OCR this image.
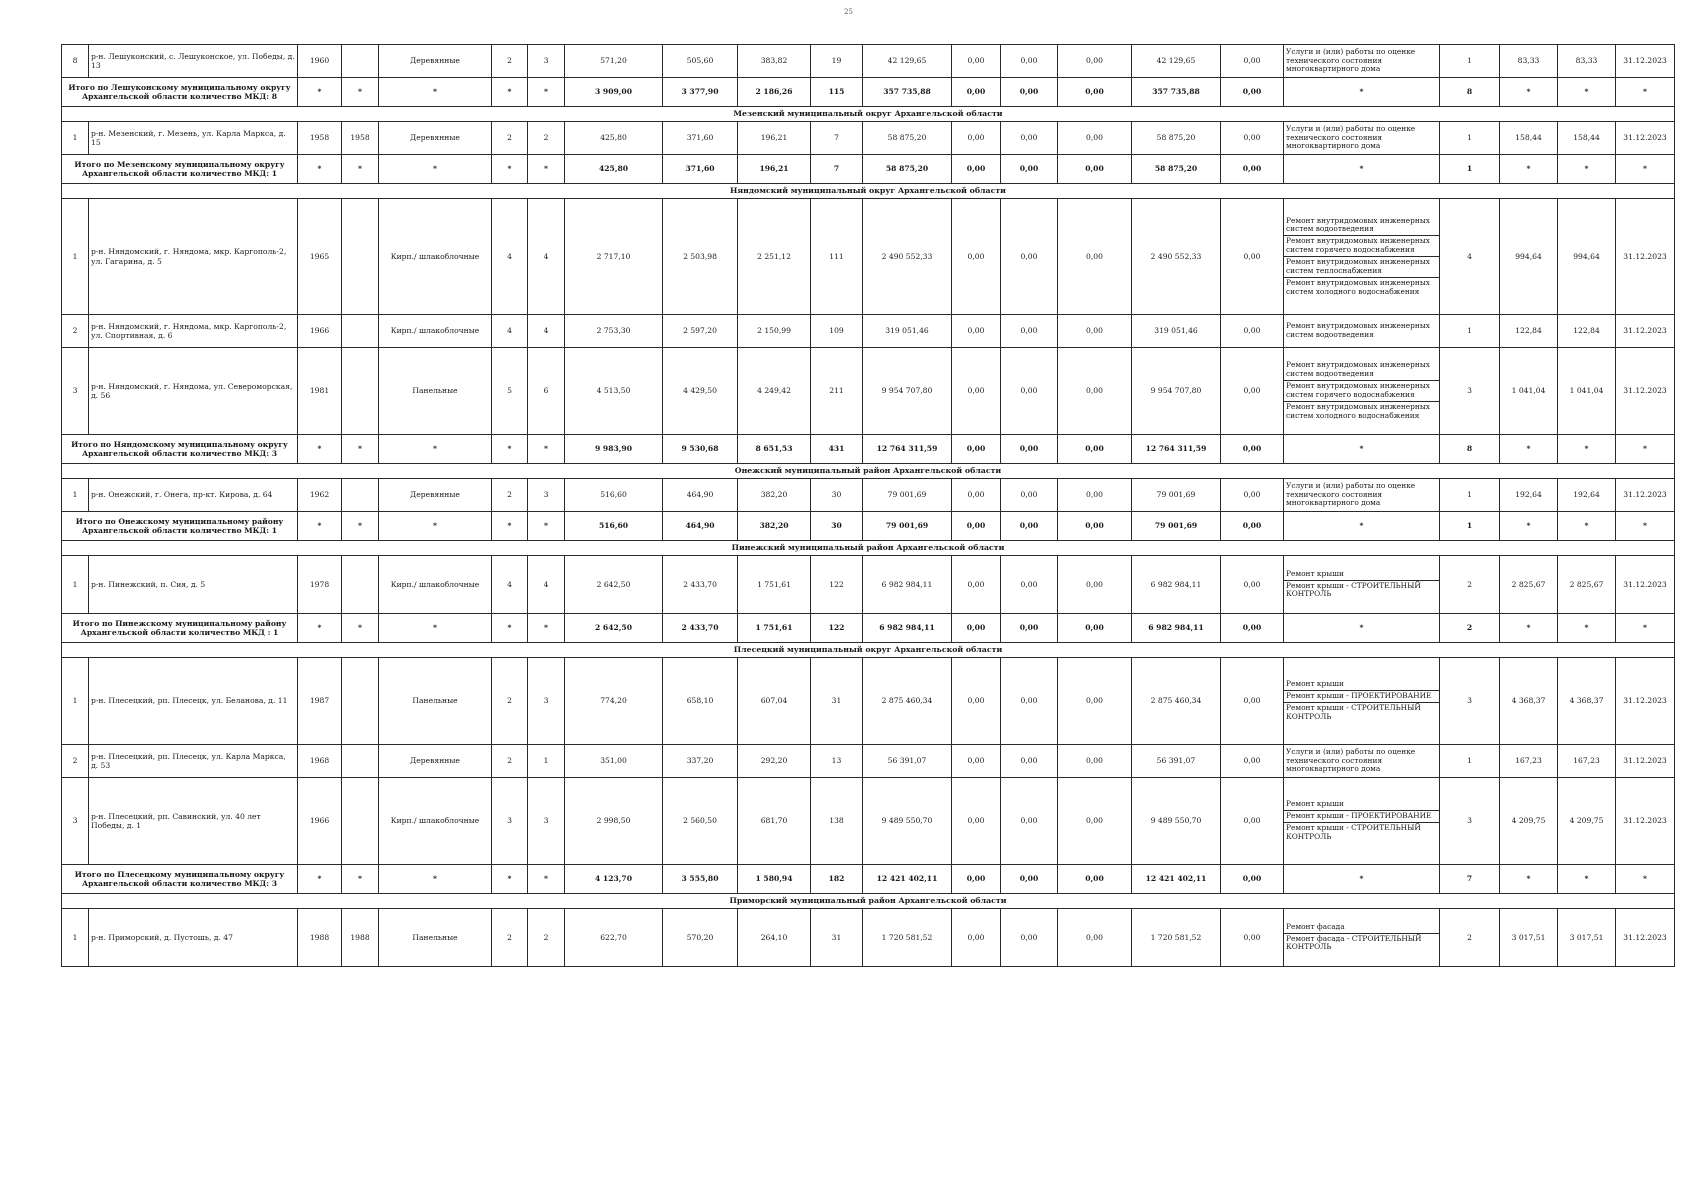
25
8	р-н. Лешуконский, с. Лешуконское, ул. Победы, д. 13	1960		Деревянные	2	3	571,20	505,60	383,82	19	42 129,65	0,00	0,00	0,00	42 129,65	0,00	Услуги и (или) работы по оценке технического состояния многоквартирного дома	1	83,33	83,33	31.12.2023
Итого по Лешуконскому муниципальному округу Архангельской области количество МКД: 8		*	*	*	*	*	3 909,00	3 377,90	2 186,26	115	357 735,88	0,00	0,00	0,00	357 735,88	0,00	*	8	*	*	*
Мезенский муниципальный округ Архангельской области																					
1	р-н. Мезенский, г. Мезень, ул. Карла Маркса, д. 15	1958	1958	Деревянные	2	2	425,80	371,60	196,21	7	58 875,20	0,00	0,00	0,00	58 875,20	0,00	Услуги и (или) работы по оценке технического состояния многоквартирного дома	1	158,44	158,44	31.12.2023
Итого по Мезенскому муниципальному округу Архангельской области количество МКД: 1		*	*	*	*	*	425,80	371,60	196,21	7	58 875,20	0,00	0,00	0,00	58 875,20	0,00	*	1	*	*	*
Няндомский муниципальный округ Архангельской области																					
1	р-н. Няндомский, г. Няндома, мкр. Каргополь-2, ул. Гагарина, д. 5	1965		Кирп./ шлакоблочные	4	4	2 717,10	2 503,98	2 251,12	111	2 490 552,33	0,00	0,00	0,00	2 490 552,33	0,00	Ремонт внутридомовых инженерных систем водоотведения
Ремонт внутридомовых инженерных систем горячего водоснабжения
Ремонт внутридомовых инженерных систем теплоснабжения
Ремонт внутридомовых инженерных систем холодного водоснабжения	4	994,64	994,64	31.12.2023
2	р-н. Няндомский, г. Няндома, мкр. Каргополь-2, ул. Спортивная, д. 6	1966		Кирп./ шлакоблочные	4	4	2 753,30	2 597,20	2 150,99	109	319 051,46	0,00	0,00	0,00	319 051,46	0,00	Ремонт внутридомовых инженерных систем водоотведения	1	122,84	122,84	31.12.2023
3	р-н. Няндомский, г. Няндома, ул. Североморская, д. 56	1981		Панельные	5	6	4 513,50	4 429,50	4 249,42	211	9 954 707,80	0,00	0,00	0,00	9 954 707,80	0,00	Ремонт внутридомовых инженерных систем водоотведения
Ремонт внутридомовых инженерных систем горячего водоснабжения
Ремонт внутридомовых инженерных систем холодного водоснабжения	3	1 041,04	1 041,04	31.12.2023
Итого по Няндомскому муниципальному округу Архангельской области количество МКД: 3		*	*	*	*	*	9 983,90	9 530,68	8 651,53	431	12 764 311,59	0,00	0,00	0,00	12 764 311,59	0,00	*	8	*	*	*
Онежский муниципальный район Архангельской области																					
1	р-н. Онежский, г. Онега, пр-кт. Кирова, д. 64	1962		Деревянные	2	3	516,60	464,90	382,20	30	79 001,69	0,00	0,00	0,00	79 001,69	0,00	Услуги и (или) работы по оценке технического состояния многоквартирного дома	1	192,64	192,64	31.12.2023
Итого по Онежскому муниципальному району Архангельской области количество МКД: 1		*	*	*	*	*	516,60	464,90	382,20	30	79 001,69	0,00	0,00	0,00	79 001,69	0,00	*	1	*	*	*
Пинежский муниципальный район Архангельской области																					
1	р-н. Пинежский, п. Сия, д. 5	1978		Кирп./ шлакоблочные	4	4	2 642,50	2 433,70	1 751,61	122	6 982 984,11	0,00	0,00	0,00	6 982 984,11	0,00	Ремонт крыши
Ремонт крыши - СТРОИТЕЛЬНЫЙ КОНТРОЛЬ	2	2 825,67	2 825,67	31.12.2023
Итого по Пинежскому муниципальному району Архангельской области количество МКД : 1		*	*	*	*	*	2 642,50	2 433,70	1 751,61	122	6 982 984,11	0,00	0,00	0,00	6 982 984,11	0,00	*	2	*	*	*
Плесецкий муниципальный округ Архангельской области																					
1	р-н. Плесецкий, рп. Плесецк, ул. Беланова, д. 11	1987		Панельные	2	3	774,20	658,10	607,04	31	2 875 460,34	0,00	0,00	0,00	2 875 460,34	0,00	Ремонт крыши
Ремонт крыши - ПРОЕКТИРОВАНИЕ
Ремонт крыши - СТРОИТЕЛЬНЫЙ КОНТРОЛЬ	3	4 368,37	4 368,37	31.12.2023
2	р-н. Плесецкий, рп. Плесецк, ул. Карла Маркса, д. 53	1968		Деревянные	2	1	351,00	337,20	292,20	13	56 391,07	0,00	0,00	0,00	56 391,07	0,00	Услуги и (или) работы по оценке технического состояния многоквартирного дома	1	167,23	167,23	31.12.2023
3	р-н. Плесецкий, рп. Савинский, ул. 40 лет Победы, д. 1	1966		Кирп./ шлакоблочные	3	3	2 998,50	2 560,50	681,70	138	9 489 550,70	0,00	0,00	0,00	9 489 550,70	0,00	Ремонт крыши
Ремонт крыши - ПРОЕКТИРОВАНИЕ
Ремонт крыши - СТРОИТЕЛЬНЫЙ КОНТРОЛЬ	3	4 209,75	4 209,75	31.12.2023
Итого по Плесецкому муниципальному округу Архангельской области количество МКД: 3		*	*	*	*	*	4 123,70	3 555,80	1 580,94	182	12 421 402,11	0,00	0,00	0,00	12 421 402,11	0,00	*	7	*	*	*
Приморский муниципальный район Архангельской области																					
1	р-н. Приморский, д. Пустошь, д. 47	1988	1988	Панельные	2	2	622,70	570,20	264,10	31	1 720 581,52	0,00	0,00	0,00	1 720 581,52	0,00	Ремонт фасада
Ремонт фасада - СТРОИТЕЛЬНЫЙ КОНТРОЛЬ	2	3 017,51	3 017,51	31.12.2023
